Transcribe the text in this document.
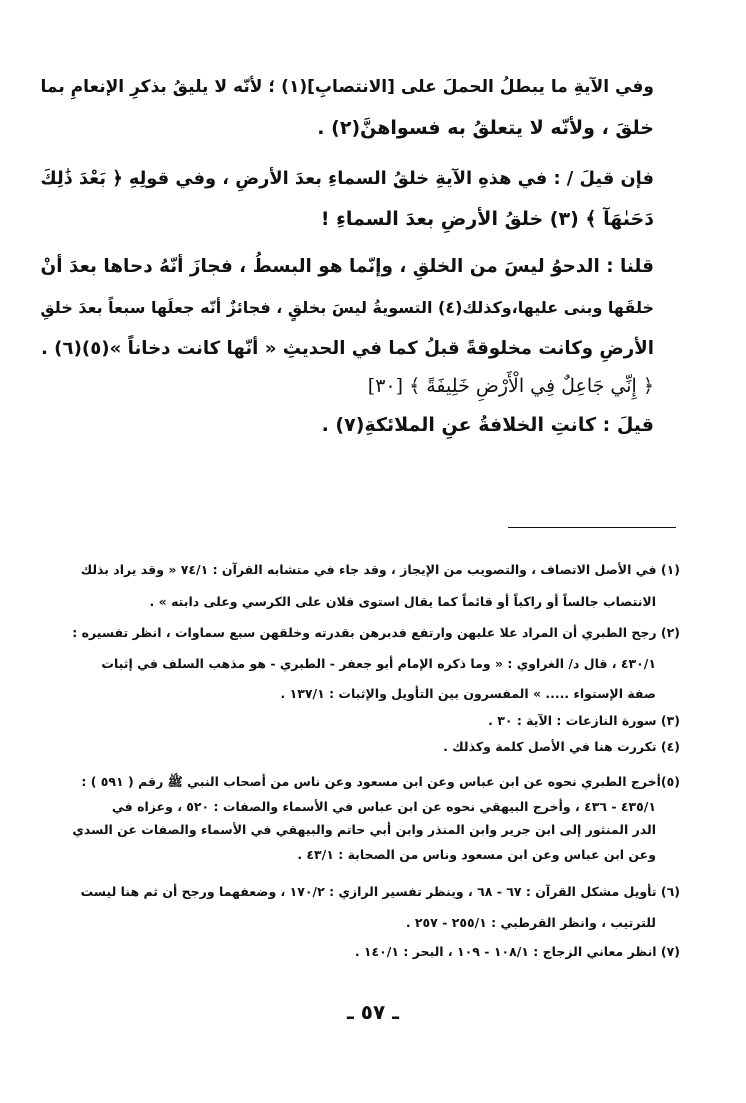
وفي الآيةِ ما يبطلُ الحملَ على [الانتصابِ](١) ؛ لأنّه لا يليقُ بذكرِ الإنعامِ بما
خلقَ ، ولأنّه لا يتعلقُ به فسواهنَّ(٢) .
فإن قيلَ / : في هذهِ الآيةِ خلقُ السماءِ بعدَ الأرضِ ، وفي قولِهِ ﴿ بَعْدَ ذَٰلِكَ
دَحَىٰهَآ ﴾ (٣) خلقُ الأرضِ بعدَ السماءِ !
قلنا : الدحوُ ليسَ من الخلقِ ، وإنّما هو البسطُ ، فجازَ أنّهُ دحاها بعدَ أنْ
خلقَها وبنى عليها،وكذلك(٤) التسويةُ ليسَ بخلقٍ ، فجائزٌ أنّه جعلَها سبعاً بعدَ خلقِ
الأرضِ وكانت مخلوقةً قبلُ كما في الحديثِ « أنّها كانت دخاناً »(٥)(٦) .
﴿ إِنِّي جَاعِلٌ فِي الْأَرْضِ خَلِيفَةً ﴾ [٣٠]
قيلَ : كانتِ الخلافةُ عنِ الملائكةِ(٧) .
(١) في الأصل الاتصاف ، والتصويب من الإيجاز ، وقد جاء في متشابه القرآن : ٧٤/١ « وقد يراد بذلك
الانتصاب جالساً أو راكباً أو قائماً كما يقال استوى فلان على الكرسي وعلى دابته » .
(٢) رجح الطبري أن المراد علا عليهن وارتفع فدبرهن بقدرته وخلقهن سبع سماوات ، انظر تفسيره :
٤٣٠/١ ، قال د/ الغراوي : « وما ذكره الإمام أبو جعفر - الطبري - هو مذهب السلف في إثبات
صفة الإستواء ..... » المفسرون بين التأويل والإثبات : ١٣٧/١ .
(٣) سورة النازعات : الآية : ٣٠ .
(٤) تكررت هنا في الأصل كلمة وكذلك .
(٥)أخرج الطبري نحوه عن ابن عباس وعن ابن مسعود وعن ناس من أصحاب النبي ﷺ رقم ( ٥٩١ ) :
٤٣٥/١ - ٤٣٦ ، وأخرج البيهقي نحوه عن ابن عباس في الأسماء والصفات : ٥٢٠ ، وعزاه في
الدر المنثور إلى ابن جرير وابن المنذر وابن أبي حاتم والبيهقي في الأسماء والصفات عن السدي
وعن ابن عباس وعن ابن مسعود وناس من الصحابة : ٤٣/١ .
(٦) تأويل مشكل القرآن : ٦٧ - ٦٨ ، وينظر تفسير الرازي : ١٧٠/٢ ، وضعفهما ورجح أن ثم هنا ليست
للترتيب ، وانظر القرطبي : ٢٥٥/١ - ٢٥٧ .
(٧) انظر معاني الزجاج : ١٠٨/١ - ١٠٩ ، البحر : ١٤٠/١ .
ـ ٥٧ ـ
